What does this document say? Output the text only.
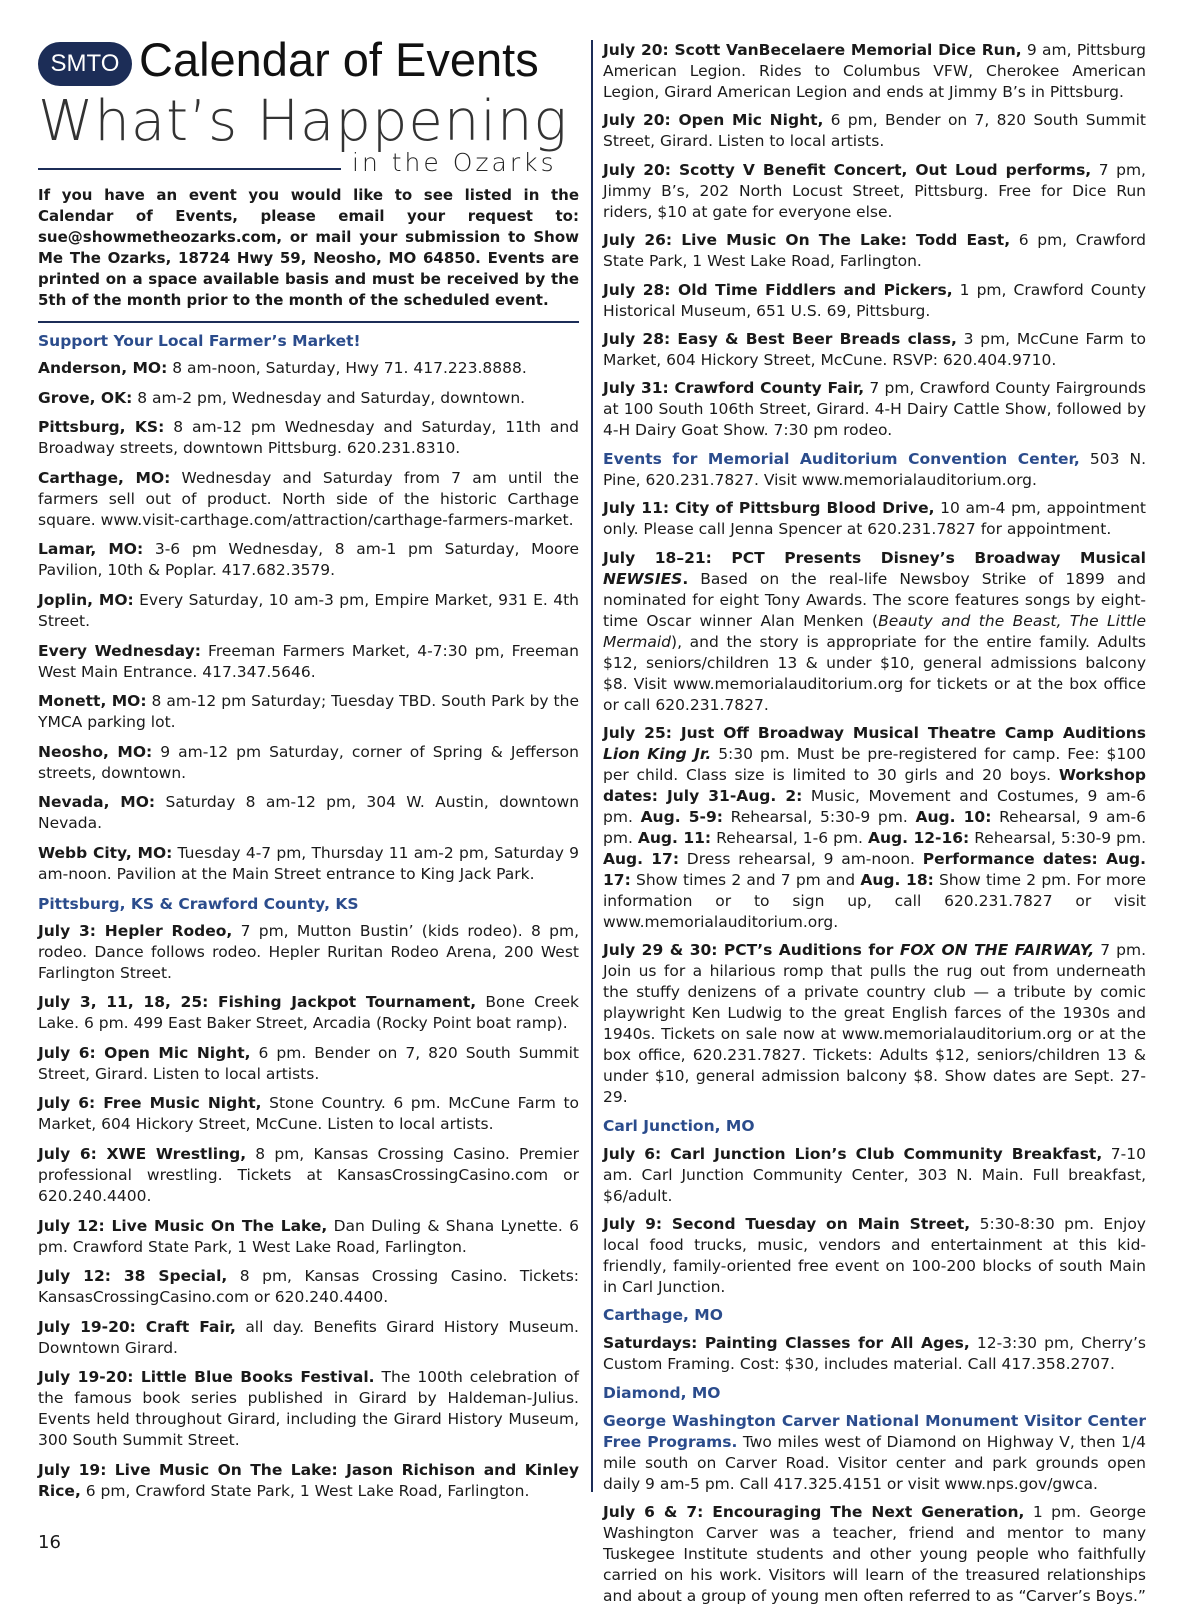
SMTO Calendar of Events
What’s Happening
in the Ozarks
If you have an event you would like to see listed in the Calendar of Events, please email your request to: sue@showmetheozarks.com, or mail your submission to Show Me The Ozarks, 18724 Hwy 59, Neosho, MO 64850. Events are printed on a space available basis and must be received by the 5th of the month prior to the month of the scheduled event.
Support Your Local Farmer’s Market!
Anderson, MO: 8 am-noon, Saturday, Hwy 71. 417.223.8888.
Grove, OK: 8 am-2 pm, Wednesday and Saturday, downtown.
Pittsburg, KS: 8 am-12 pm Wednesday and Saturday, 11th and Broadway streets, downtown Pittsburg. 620.231.8310.
Carthage, MO: Wednesday and Saturday from 7 am until the farmers sell out of product. North side of the historic Carthage square. www.visit-carthage.com/attraction/carthage-farmers-market.
Lamar, MO: 3-6 pm Wednesday, 8 am-1 pm Saturday, Moore Pavilion, 10th & Poplar. 417.682.3579.
Joplin, MO: Every Saturday, 10 am-3 pm, Empire Market, 931 E. 4th Street.
Every Wednesday: Freeman Farmers Market, 4-7:30 pm, Freeman West Main Entrance. 417.347.5646.
Monett, MO: 8 am-12 pm Saturday; Tuesday TBD. South Park by the YMCA parking lot.
Neosho, MO: 9 am-12 pm Saturday, corner of Spring & Jefferson streets, downtown.
Nevada, MO: Saturday 8 am-12 pm, 304 W. Austin, downtown Nevada.
Webb City, MO: Tuesday 4-7 pm, Thursday 11 am-2 pm, Saturday 9 am-noon. Pavilion at the Main Street entrance to King Jack Park.
Pittsburg, KS & Crawford County, KS
July 3: Hepler Rodeo, 7 pm, Mutton Bustin’ (kids rodeo). 8 pm, rodeo. Dance follows rodeo. Hepler Ruritan Rodeo Arena, 200 West Farlington Street.
July 3, 11, 18, 25: Fishing Jackpot Tournament, Bone Creek Lake. 6 pm. 499 East Baker Street, Arcadia (Rocky Point boat ramp).
July 6: Open Mic Night, 6 pm. Bender on 7, 820 South Summit Street, Girard. Listen to local artists.
July 6: Free Music Night, Stone Country. 6 pm. McCune Farm to Market, 604 Hickory Street, McCune. Listen to local artists.
July 6: XWE Wrestling, 8 pm, Kansas Crossing Casino. Premier professional wrestling. Tickets at KansasCrossingCasino.com or 620.240.4400.
July 12: Live Music On The Lake, Dan Duling & Shana Lynette. 6 pm. Crawford State Park, 1 West Lake Road, Farlington.
July 12: 38 Special, 8 pm, Kansas Crossing Casino. Tickets: KansasCrossingCasino.com or 620.240.4400.
July 19-20: Craft Fair, all day. Benefits Girard History Museum. Downtown Girard.
July 19-20: Little Blue Books Festival. The 100th celebration of the famous book series published in Girard by Haldeman-Julius. Events held throughout Girard, including the Girard History Museum, 300 South Summit Street.
July 19: Live Music On The Lake: Jason Richison and Kinley Rice, 6 pm, Crawford State Park, 1 West Lake Road, Farlington.
July 20: Scott VanBecelaere Memorial Dice Run, 9 am, Pittsburg American Legion. Rides to Columbus VFW, Cherokee American Legion, Girard American Legion and ends at Jimmy B’s in Pittsburg.
July 20: Open Mic Night, 6 pm, Bender on 7, 820 South Summit Street, Girard. Listen to local artists.
July 20: Scotty V Benefit Concert, Out Loud performs, 7 pm, Jimmy B’s, 202 North Locust Street, Pittsburg. Free for Dice Run riders, $10 at gate for everyone else.
July 26: Live Music On The Lake: Todd East, 6 pm, Crawford State Park, 1 West Lake Road, Farlington.
July 28: Old Time Fiddlers and Pickers, 1 pm, Crawford County Historical Museum, 651 U.S. 69, Pittsburg.
July 28: Easy & Best Beer Breads class, 3 pm, McCune Farm to Market, 604 Hickory Street, McCune. RSVP: 620.404.9710.
July 31: Crawford County Fair, 7 pm, Crawford County Fairgrounds at 100 South 106th Street, Girard. 4-H Dairy Cattle Show, followed by 4-H Dairy Goat Show. 7:30 pm rodeo.
Events for Memorial Auditorium Convention Center, 503 N. Pine, 620.231.7827. Visit www.memorialauditorium.org.
July 11: City of Pittsburg Blood Drive, 10 am-4 pm, appointment only. Please call Jenna Spencer at 620.231.7827 for appointment.
July 18–21: PCT Presents Disney’s Broadway Musical NEWSIES. Based on the real-life Newsboy Strike of 1899 and nominated for eight Tony Awards. The score features songs by eight-time Oscar winner Alan Menken (Beauty and the Beast, The Little Mermaid), and the story is appropriate for the entire family. Adults $12, seniors/children 13 & under $10, general admissions balcony $8. Visit www.memorialauditorium.org for tickets or at the box office or call 620.231.7827.
July 25: Just Off Broadway Musical Theatre Camp Auditions Lion King Jr. 5:30 pm. Must be pre-registered for camp. Fee: $100 per child. Class size is limited to 30 girls and 20 boys. Workshop dates: July 31-Aug. 2: Music, Movement and Costumes, 9 am-6 pm. Aug. 5-9: Rehearsal, 5:30-9 pm. Aug. 10: Rehearsal, 9 am-6 pm. Aug. 11: Rehearsal, 1-6 pm. Aug. 12-16: Rehearsal, 5:30-9 pm. Aug. 17: Dress rehearsal, 9 am-noon. Performance dates: Aug. 17: Show times 2 and 7 pm and Aug. 18: Show time 2 pm. For more information or to sign up, call 620.231.7827 or visit www.memorialauditorium.org.
July 29 & 30: PCT’s Auditions for FOX ON THE FAIRWAY, 7 pm. Join us for a hilarious romp that pulls the rug out from underneath the stuffy denizens of a private country club — a tribute by comic playwright Ken Ludwig to the great English farces of the 1930s and 1940s. Tickets on sale now at www.memorialauditorium.org or at the box office, 620.231.7827. Tickets: Adults $12, seniors/children 13 & under $10, general admission balcony $8. Show dates are Sept. 27-29.
Carl Junction, MO
July 6: Carl Junction Lion’s Club Community Breakfast, 7-10 am. Carl Junction Community Center, 303 N. Main. Full breakfast, $6/adult.
July 9: Second Tuesday on Main Street, 5:30-8:30 pm. Enjoy local food trucks, music, vendors and entertainment at this kid-friendly, family-oriented free event on 100-200 blocks of south Main in Carl Junction.
Carthage, MO
Saturdays: Painting Classes for All Ages, 12-3:30 pm, Cherry’s Custom Framing. Cost: $30, includes material. Call 417.358.2707.
Diamond, MO
George Washington Carver National Monument Visitor Center Free Programs. Two miles west of Diamond on Highway V, then 1/4 mile south on Carver Road. Visitor center and park grounds open daily 9 am-5 pm. Call 417.325.4151 or visit www.nps.gov/gwca.
July 6 & 7: Encouraging The Next Generation, 1 pm. George Washington Carver was a teacher, friend and mentor to many Tuskegee Institute students and other young people who faithfully carried on his work. Visitors will learn of the treasured relationships and about a group of young men often referred to as “Carver’s Boys.”
16
